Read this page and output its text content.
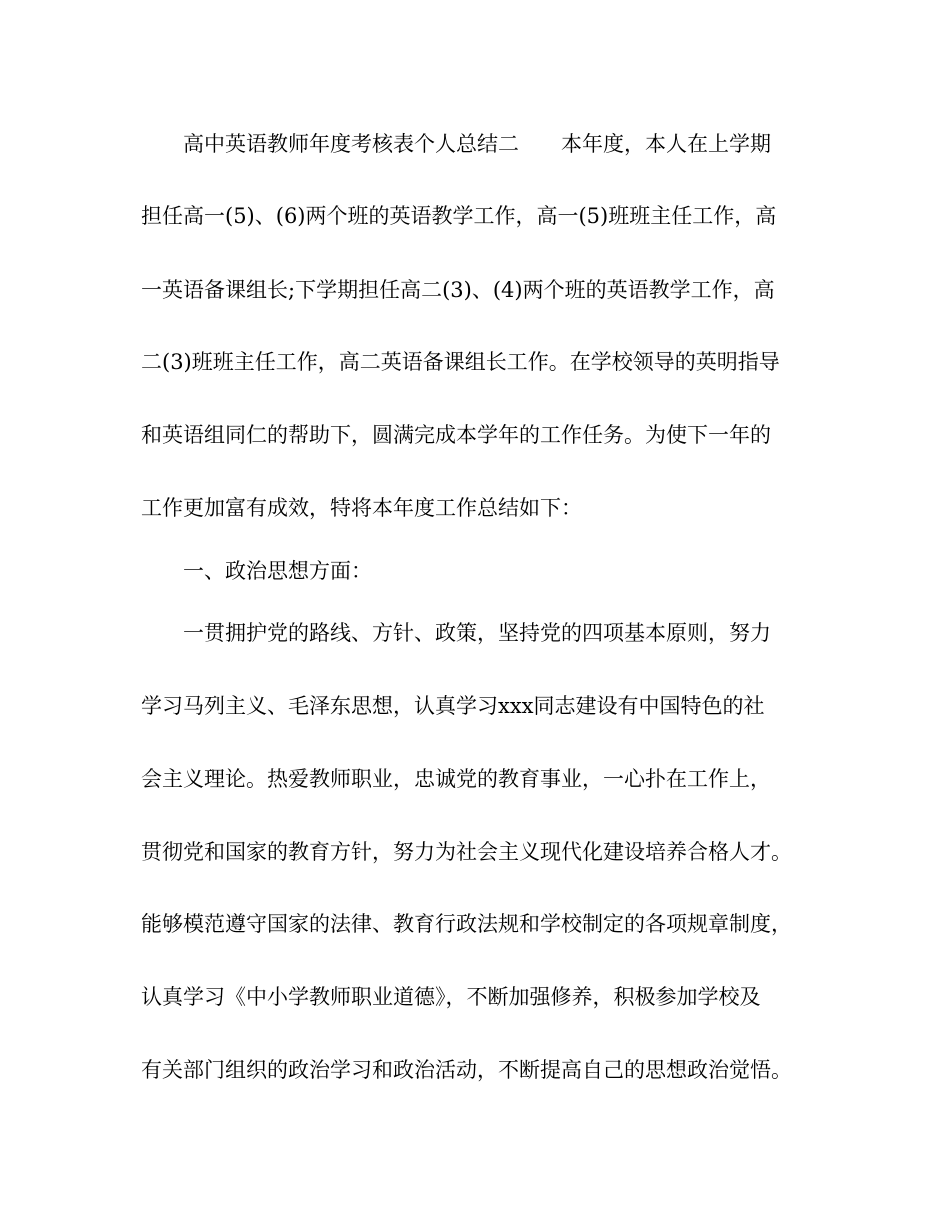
　　高中英语教师年度考核表个人总结二　　本年度，本人在上学期
担任高一(5)、(6)两个班的英语教学工作，高一(5)班班主任工作，高
一英语备课组长;下学期担任高二(3)、(4)两个班的英语教学工作，高
二(3)班班主任工作，高二英语备课组长工作。在学校领导的英明指导
和英语组同仁的帮助下，圆满完成本学年的工作任务。为使下一年的
工作更加富有成效，特将本年度工作总结如下：
　　一、政治思想方面：
　　一贯拥护党的路线、方针、政策，坚持党的四项基本原则，努力
学习马列主义、毛泽东思想，认真学习xxx同志建设有中国特色的社
会主义理论。热爱教师职业，忠诚党的教育事业，一心扑在工作上，
贯彻党和国家的教育方针，努力为社会主义现代化建设培养合格人才。
能够模范遵守国家的法律、教育行政法规和学校制定的各项规章制度，
认真学习《中小学教师职业道德》，不断加强修养，积极参加学校及
有关部门组织的政治学习和政治活动，不断提高自己的思想政治觉悟。
